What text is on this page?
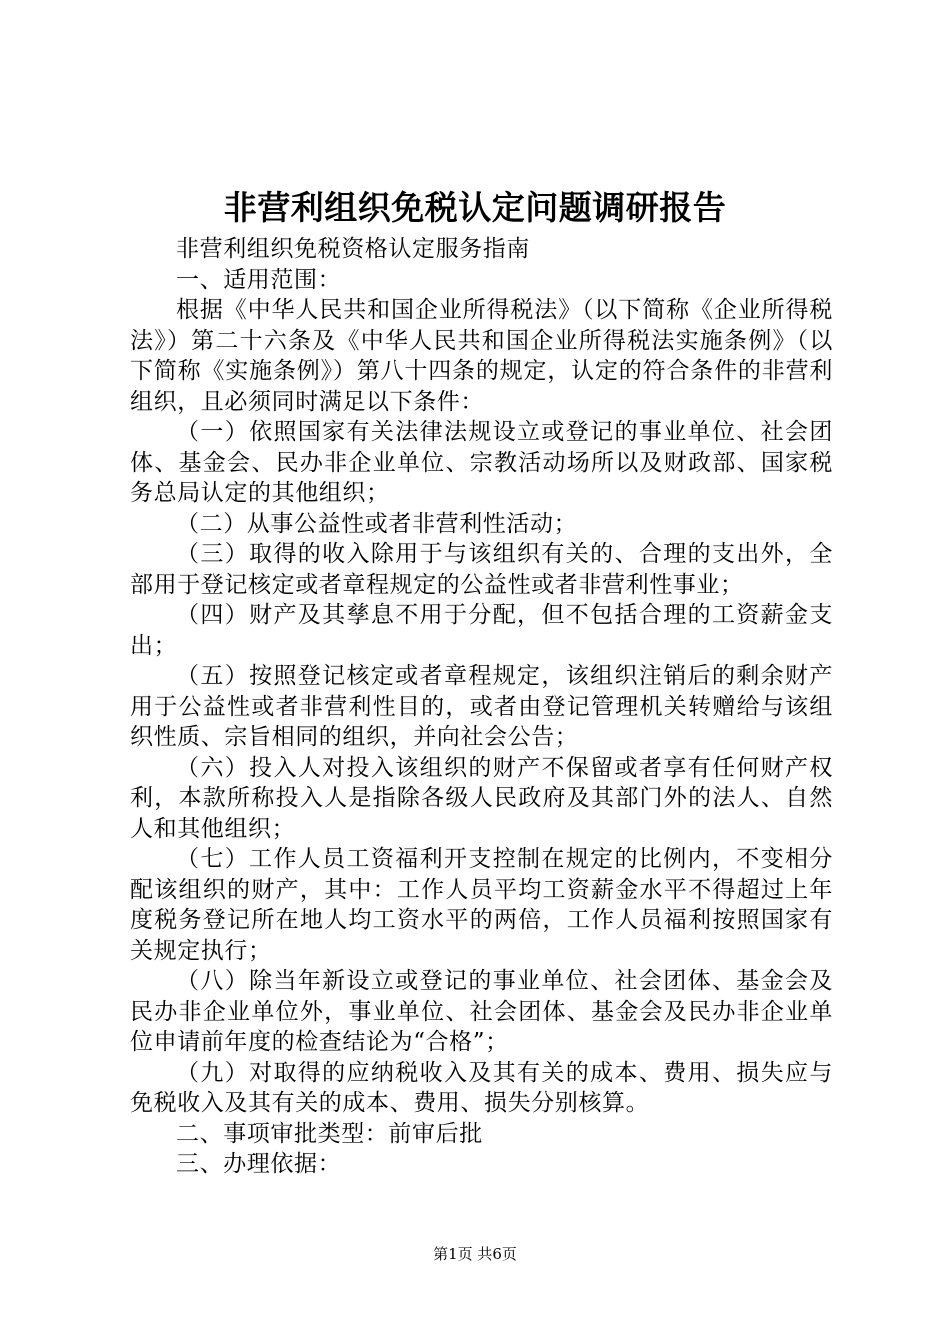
非营利组织免税认定问题调研报告

非营利组织免税资格认定服务指南

一、适用范围：

根据《中华人民共和国企业所得税法》（以下简称《企业所得税法》）第二十六条及《中华人民共和国企业所得税法实施条例》（以下简称《实施条例》）第八十四条的规定，认定的符合条件的非营利组织，且必须同时满足以下条件：

（一）依照国家有关法律法规设立或登记的事业单位、社会团体、基金会、民办非企业单位、宗教活动场所以及财政部、国家税务总局认定的其他组织；

（二）从事公益性或者非营利性活动；

（三）取得的收入除用于与该组织有关的、合理的支出外，全部用于登记核定或者章程规定的公益性或者非营利性事业；

（四）财产及其孳息不用于分配，但不包括合理的工资薪金支出；

（五）按照登记核定或者章程规定，该组织注销后的剩余财产用于公益性或者非营利性目的，或者由登记管理机关转赠给与该组织性质、宗旨相同的组织，并向社会公告；

（六）投入人对投入该组织的财产不保留或者享有任何财产权利，本款所称投入人是指除各级人民政府及其部门外的法人、自然人和其他组织；

（七）工作人员工资福利开支控制在规定的比例内，不变相分配该组织的财产，其中：工作人员平均工资薪金水平不得超过上年度税务登记所在地人均工资水平的两倍，工作人员福利按照国家有关规定执行；

（八）除当年新设立或登记的事业单位、社会团体、基金会及民办非企业单位外，事业单位、社会团体、基金会及民办非企业单位申请前年度的检查结论为“合格”；

（九）对取得的应纳税收入及其有关的成本、费用、损失应与免税收入及其有关的成本、费用、损失分别核算。

二、事项审批类型：前审后批

三、办理依据：

第1页 共6页
